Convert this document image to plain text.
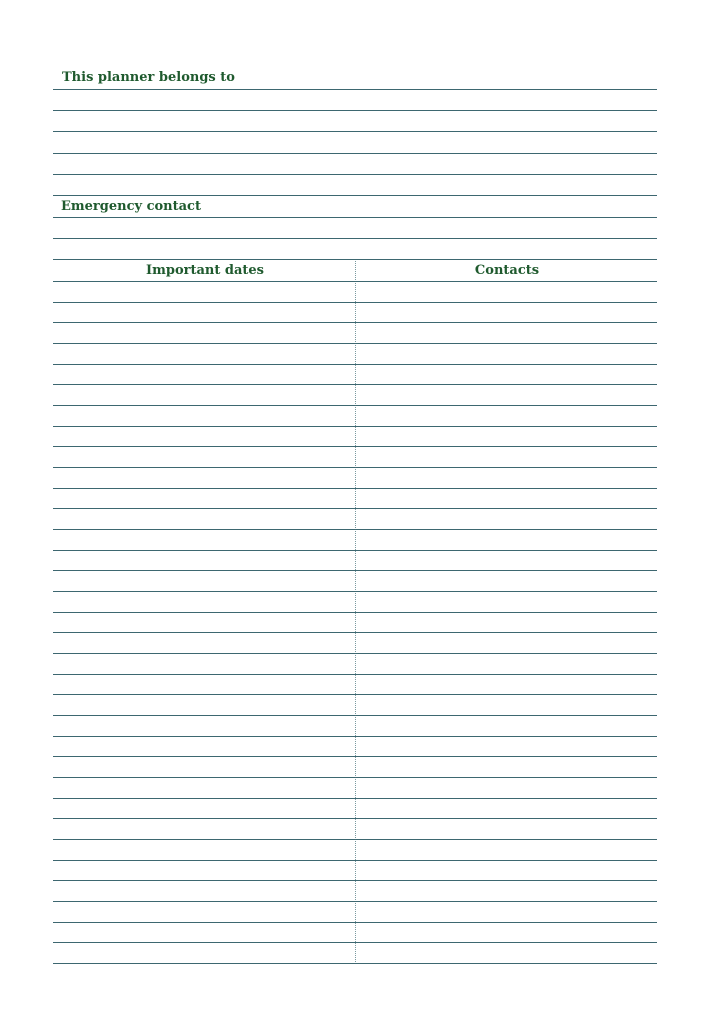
This planner belongs to
Emergency contact
Important dates	Contacts
